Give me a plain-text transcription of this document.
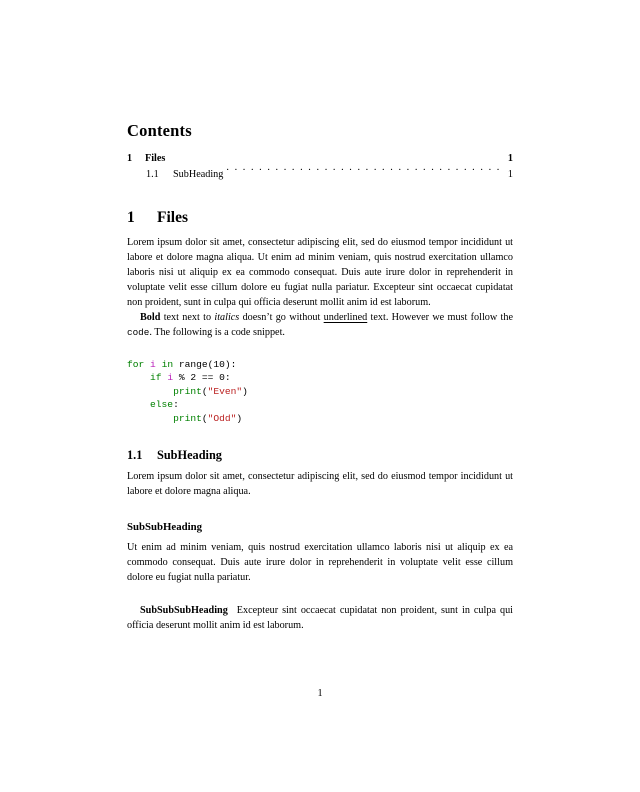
Contents
1	Files	1
1.1	SubHeading . . .	1
1	Files

Lorem ipsum dolor sit amet, consectetur adipiscing elit, sed do eiusmod tempor incididunt ut labore et dolore magna aliqua. Ut enim ad minim veniam, quis nostrud exercitation ullamco laboris nisi ut aliquip ex ea commodo consequat. Duis aute irure dolor in reprehenderit in voluptate velit esse cillum dolore eu fugiat nulla pariatur. Excepteur sint occaecat cupidatat non proident, sunt in culpa qui officia deserunt mollit anim id est laborum.

Bold text next to italics doesn’t go without underlined text. However we must follow the code. The following is a code snippet.

for i in range(10):
if i % 2 == 0:
print("Even")
else:
print("Odd")
1.1	SubHeading

Lorem ipsum dolor sit amet, consectetur adipiscing elit, sed do eiusmod tempor incididunt ut labore et dolore magna aliqua.

SubSubHeading

Ut enim ad minim veniam, quis nostrud exercitation ullamco laboris nisi ut aliquip ex ea commodo consequat. Duis aute irure dolor in reprehenderit in voluptate velit esse cillum dolore eu fugiat nulla pariatur.

SubSubSubHeading Excepteur sint occaecat cupidatat non proident, sunt in culpa qui officia deserunt mollit anim id est laborum.

1
